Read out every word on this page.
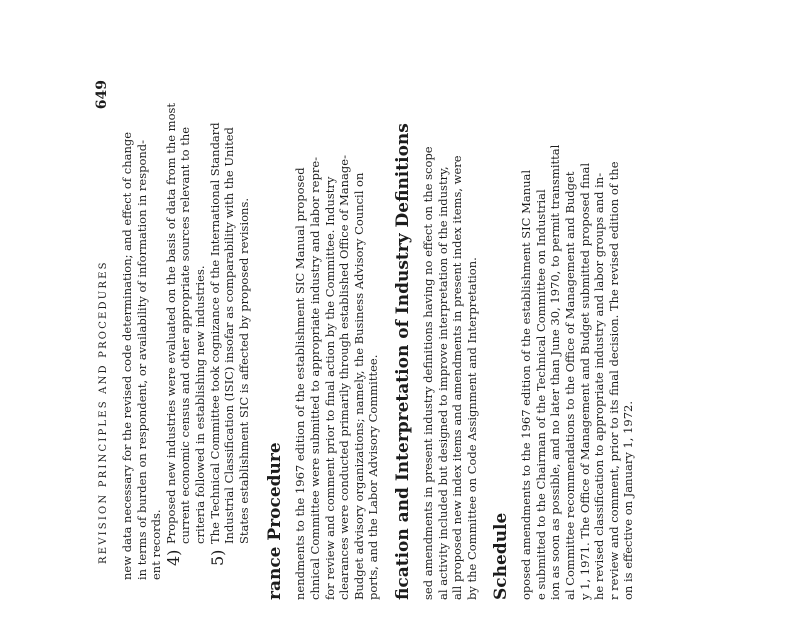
REVISION PRINCIPLES AND PROCEDURES
649

new data necessary for the revised code determination; and effect of change in terms of burden on respondent, or availability of information in respond- ent records. 4)

Proposed new industries were evaluated on the basis of data from the most current economic census and other appropriate sources relevant to the criteria followed in establishing new industries.

5)

The Technical Committee took cognizance of the International Standard Industrial Classification (ISIC) insofar as comparability with the United States establishment SIC is affected by proposed revisions. rance Procedure nendments to the 1967 edition of the establishment SIC Manual proposed chnical Committee were submitted to appropriate industry and labor repre- for review and comment prior to final action by the Committee. Industry clearances were conducted primarily through established Office of Manage- Budget advisory organizations; namely, the Business Advisory Council on ports, and the Labor Advisory Committee. fication and Interpretation of Industry Definitions sed amendments in present industry definitions having no effect on the scope al activity included but designed to improve interpretation of the industry, all proposed new index items and amendments in present index items, were by the Committee on Code Assignment and Interpretation. Schedule oposed amendments to the 1967 edition of the establishment SIC Manual e submitted to the Chairman of the Technical Committee on Industrial ion as soon as possible, and no later than June 30, 1970, to permit transmittal al Committee recommendations to the Office of Management and Budget y 1, 1971. The Office of Management and Budget submitted proposed final he revised classification to appropriate industry and labor groups and in- r review and comment, prior to its final decision. The revised edition of the on is effective on January 1, 1972.
